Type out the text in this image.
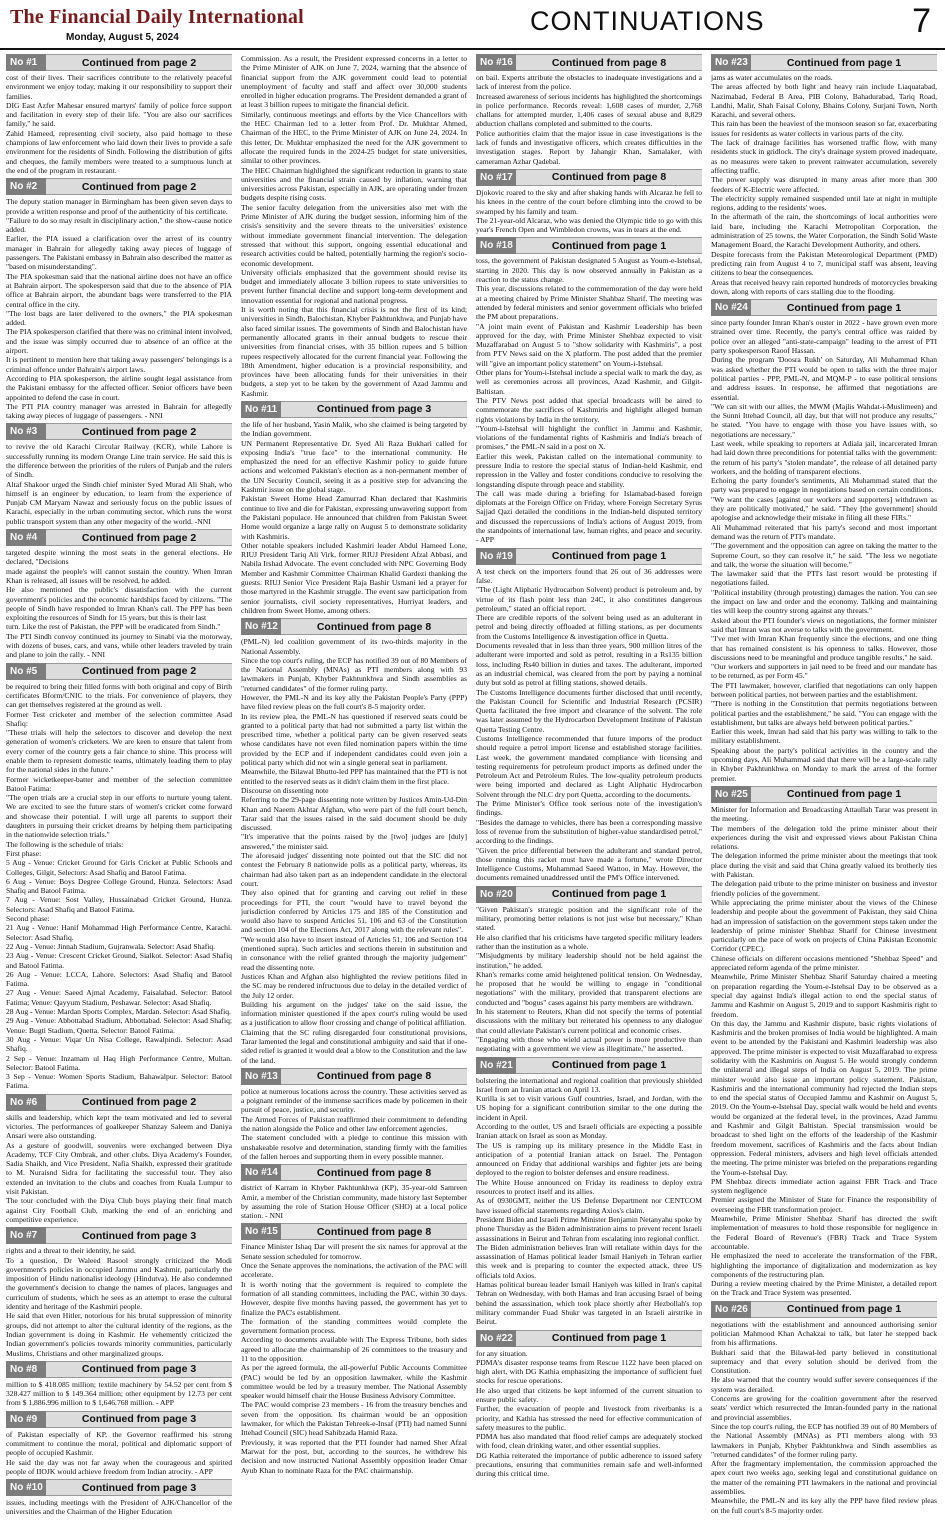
The Financial Daily International
Monday, August 5, 2024
CONTINUATIONS	7
No #1	Continued from page 2

cost of their lives. Their sacrifices contribute to the relatively peaceful environment we enjoy today, making it our responsibility to support their families.

DIG East Azfer Mahesar ensured martyrs' family of police force support and facilitation in every step of their life. "You are also our sacrifices family," he said.

Zahid Hameed, representing civil society, also paid homage to these champions of law enforcement who laid down their lives to provide a safe environment for the residents of Sindh. Following the distribution of gifts and cheques, the family members were treated to a sumptuous lunch at the end of the program in restaurant.

No #2	Continued from page 2

The deputy station manager in Birmingham has been given seven days to provide a written response and proof of the authenticity of his certificate.

"Failure to do so may result in disciplinary action," the show-cause notice added.

Earlier, the PIA issued a clarification over the arrest of its country manager in Bahrain for allegedly taking away pieces of luggage of passengers. The Pakistani embassy in Bahrain also described the matter as "based on misunderstanding".

The PIA spokesman said that the national airline does not have an office at Bahrain airport. The spokesperson said that due to the absence of PIA office at Bahrain airport, the abundant bags were transferred to the PIA central office in the city.

"The lost bags are later delivered to the owners," the PIA spokesman added.

The PIA spokesperson clarified that there was no criminal intent involved, and the issue was simply occurred due to absence of an office at the airport.

It is pertinent to mention here that taking away passengers' belongings is a criminal offence under Bahrain's airport laws.

According to PIA spokesperson, the airline sought legal assistance from the Pakistani embassy for the affected officer. Senior officers have been appointed to defend the case in court.

The PTI PIA country manager was arrested in Bahrain for allegedly taking away pieces of luggage of passengers. - NNI

No #3	Continued from page 2

to revive the old Karachi Circular Railway (KCR), while Lahore is successfully running its modern Orange Line train service. He said this is the difference between the priorities of the rulers of Punjab and the rulers of Sindh.

Altaf Shakoor urged the Sindh chief minister Syed Murad Ali Shah, who himself is an engineer by education, to learn from the experience of Punjab CM Maryam Nawaz and seriously focus on the public issues of Karachi, especially in the urban commuting sector, which runs the worst public transport system than any other megacity of the world. -NNI

No #4	Continued from page 2

targeted despite winning the most seats in the general elections. He declared, "Decisions

made against the people's will cannot sustain the country. When Imran Khan is released, all issues will be resolved, he added.

He also mentioned the public's dissatisfaction with the current government's policies and the economic hardships faced by citizens. "The people of Sindh have responded to Imran Khan's call. The PPP has been exploiting the resources of Sindh for 15 years, but this is their last

turn. Like the rest of Pakistan, the PPP will be eradicated from Sindh."

The PTI Sindh convoy continued its journey to Sinabi via the motorway, with dozens of buses, cars, and vans, while other leaders traveled by train and plane to join the rally. - NNI

No #5	Continued from page 2

be required to bring their filled forms with both original and copy of Birth certificates Bform/CNIC to the trials. For convenience of players, they can get themselves registered at the ground as well.

Former Test cricketer and member of the selection committee Asad Shafiq:

"These trials will help the selectors to discover and develop the next generation of women's cricketers. We are keen to ensure that talent from every corner of the country gets a fair chance to shine. This process will enable them to represent domestic teams, ultimately leading them to play for the national sides in the future."

Former wicketkeeper-batter and member of the selection committee Batool Fatima:

"The open trials are a crucial step in our efforts to nurture young talent. We are excited to see the future stars of women's cricket come forward and showcase their potential. I will urge all parents to support their daughters in pursuing their cricket dreams by helping them participating in the nationwide selection trials."

The following is the schedule of trials:

First phase:

5 Aug - Venue: Cricket Ground for Girls Cricket at Public Schools and Colleges, Gilgit, Selectors: Asad Shafiq and Batool Fatima.

6 Aug - Venue: Boys Degree College Ground, Hunza. Selectors: Asad Shafiq and Batool Fatima.

7 Aug - Venue: Sost Valley, Hussainabad Cricket Ground, Hunza. Selectors: Asad Shafiq and Batool Fatima.

Second phase:

21 Aug - Venue: Hanif Mohammad High Performance Centre, Karachi. Selector: Asad Shafiq.

22 Aug - Venue: Jinnah Stadium, Gujranwala. Selector: Asad Shafiq.

23 Aug - Venue: Crescent Cricket Ground, Sialkot. Selector: Asad Shafiq and Batool Fatima.

26 Aug - Venue: LCCA, Lahore. Selectors: Asad Shafiq and Batool Fatima.

27 Aug - Venue: Saeed Ajmal Academy, Faisalabad. Selector: Batool Fatima; Venue: Qayyum Stadium, Peshawar. Selector: Asad Shafiq.

28 Aug - Venue: Mardan Sports Complex, Mardan. Selector: Asad Shafiq.

29 Aug - Venue: Abbottabad Stadium, Abbottabad. Selector: Asad Shafiq; Venue: Bugti Stadium, Quetta. Selector: Batool Fatima.

30 Aug - Venue: Viqar Un Nisa College, Rawalpindi. Selector: Asad Shafiq.

2 Sep - Venue: Inzamam ul Haq High Performance Centre, Multan. Selector: Batool Fatima.

3 Sep - Venue: Women Sports Stadium, Bahawalpur. Selector: Batool Fatima.

No #6	Continued from page 2

skills and leadership, which kept the team motivated and led to several victories. The performances of goalkeeper Shanzay Saleem and Daniya Ansari were also outstanding.

As a gesture of goodwill, souvenirs were exchanged between Diya Academy, TCF City Ombrak, and other clubs. Diya Academy's Founder, Sadia Shaikh, and Vice President, Nafia Shaikh, expressed their gratitude to M. Nuraisnd Sidra for facilitating the successful tour. They also extended an invitation to the clubs and coaches from Kuala Lumpur to visit Pakistan.

The tour concluded with the Diya Club boys playing their final match against City Football Club, marking the end of an enriching and competitive experience.

No #7	Continued from page 3

rights and a threat to their identity, he said.

To a question, Dr Waleed Rasool strongly criticized the Modi government's policies in occupied Jammu and Kashmir, particularly the imposition of Hindu nationalist ideology (Hindutva). He also condemned the government's decision to change the names of places, languages and curriculum of students, which he sees as an attempt to erase the cultural identity and heritage of the Kashmiri people.

He said that even Hitler, notorious for his brutal suppression of minority groups, did not attempt to alter the cultural identity of the regions, as the Indian government is doing in Kashmir. He vehemently criticized the Indian government's policies towards minority communities, particularly Muslims, Christians and other marginalized groups.

No #8	Continued from page 3

million to $ 418.085 million; textile machinery by 54.52 per cent from $ 328.427 million to $ 149.364 million; other equipment by 12.73 per cent from $ 1,886.996 million to $ 1,646.768 million. - APP

No #9	Continued from page 3

of Pakistan especially of KP, the Governor reaffirmed his strong commitment to continue the moral, political and diplomatic support of people of occupied Kashmir.

He said the day was not far away when the courageous and spirited people of IIOJK would achieve freedom from Indian atrocity. - APP

No #10	Continued from page 3

issues, including meetings with the President of AJK/Chancellor of the universities and the Chairman of the Higher Education

Commission. As a result, the President expressed concerns in a letter to the Prime Minister of AJK on June 7, 2024, warning that the absence of financial support from the AJK government could lead to potential unemployment of faculty and staff and affect over 30,000 students enrolled in higher education programs. The President demanded a grant of at least 3 billion rupees to mitigate the financial deficit.

Similarly, continuous meetings and efforts by the Vice Chancellors with the HEC Chairman led to a letter from Prof. Dr. Mukhtar Ahmed, Chairman of the HEC, to the Prime Minister of AJK on June 24, 2024. In this letter, Dr. Mukhtar emphasized the need for the AJK government to allocate the required funds in the 2024-25 budget for state universities, similar to other provinces.

The HEC Chairman highlighted the significant reduction in grants to state universities and the financial strain caused by inflation, warning that universities across Pakistan, especially in AJK, are operating under frozen budgets despite rising costs.

The senior faculty delegation from the universities also met with the Prime Minister of AJK during the budget session, informing him of the crisis's sensitivity and the severe threats to the universities' existence without immediate government financial intervention. The delegation stressed that without this support, ongoing essential educational and research activities could be halted, potentially harming the region's socio-economic development.

University officials emphasized that the government should revise its budget and immediately allocate 3 billion rupees to state universities to prevent further financial decline and support long-term development and innovation essential for regional and national progress.

It is worth noting that this financial crisis is not the first of its kind; universities in Sindh, Balochistan, Khyber Pakhtunkhwa, and Punjab have also faced similar issues. The governments of Sindh and Balochistan have permanently allocated grants in their annual budgets to rescue their universities from financial crises, with 35 billion rupees and 5 billion rupees respectively allocated for the current financial year. Following the 18th Amendment, higher education is a provincial responsibility, and provinces have been allocating funds for their universities in their budgets, a step yet to be taken by the government of Azad Jammu and Kashmir.

No #11	Continued from page 3

the life of her husband, Yasin Malik, who she claimed is being targeted by the Indian government.

UN Permanent Representative Dr. Syed Ali Raza Bukhari called for exposing India's "true face" to the international community. He emphasized the need for an effective Kashmir policy to guide future actions and welcomed Pakistan's election as a non-permanent member of the UN Security Council, seeing it as a positive step for advancing the Kashmir issue on the global stage.

Pakistan Sweet Home Head Zamurrad Khan declared that Kashmiris continue to live and die for Pakistan, expressing unwavering support from the Pakistani populace. He announced that children from Pakistan Sweet Home would organize a large rally on August 5 to demonstrate solidarity with Kashmiris.

Other notable speakers included Kashmiri leader Abdul Hameed Lone, RIUJ President Tariq Ali Virk, former RIUJ President Afzal Abbasi, and Nabila Irshad Advocate. The event concluded with NPC Governing Body Member and Kashmir Committee Chairman Khalid Gardezi thanking the guests. RIUJ Senior Vice President Raja Bashir Usmani led a prayer for those martyred in the Kashmir struggle. The event saw participation from senior journalists, civil society representatives, Hurriyat leaders, and children from Sweet Home, among others.

No #12	Continued from page 8

(PML-N) led coalition government of its two-thirds majority in the National Assembly.

Since the top court's ruling, the ECP has notified 39 out of 80 Members of the National Assembly (MNAs) as PTI members along with 93 lawmakers in Punjab, Khyber Pakhtunkhwa and Sindh assemblies as "returned candidates" of the former ruling party.

However, the PML-N and its key ally the Pakistan People's Party (PPP) have filed review pleas on the full court's 8-5 majority order.

In its review plea, the PML-N has questioned if reserved seats could be granted to a political party that had not submitted a party list within the prescribed time, whether a political party can be given reserved seats whose candidates have not even filed nomination papers within the time provided by the ECP and if independent candidates could even join a political party which did not win a single general seat in parliament.

Meanwhile, the Bilawal Bhutto-led PPP has maintained that the PTI is not entitled to the reserved seats as it didn't claim them in the first place.

Discourse on dissenting note

Referring to the 29-page dissenting note written by Justices Amin-Ud-Din Khan and Naeem Akhtar Afghan, who were part of the full court bench, Tarar said that the issues raised in the said document should be duly discussed.

"It's imperative that the points raised by the [two] judges are [duly] answered," the minister said.

The aforesaid judges' dissenting note pointed out that the SIC did not contest the February 8 nationwide polls as a political party, whereas, its chairman had also taken part as an independent candidate in the electoral court.

They also opined that for granting and carving out relief in these proceedings for PTI, the court "would have to travel beyond the jurisdiction conferred by Articles 175 and 185 of the Constitution and would also have to suspend Articles 51, 106 and 63 of the Constitution and section 104 of the Elections Act, 2017 along with the relevant rules".

"We would also have to insert instead of Articles 51, 106 and Section 104 (mentioned supra). Such articles and sections therein in substitution and in consonance with the relief granted through the majority judgement" read the dissenting note.

Justices Khan and Afghan also highlighted the review petitions filed in the SC may be rendered infructuous due to delay in the detailed verdict of the July 12 order.

Building his argument on the judges' take on the said issue, the information minister questioned if the apex court's ruling would be used as a justification to allow floor crossing and change of political affiliation.

Claiming that the SC ruling disregarded four constitutional provisions, Tarar lamented the legal and constitutional ambiguity and said that if one-sided relief is granted it would deal a blow to the Constitution and the law of the land.

No #13	Continued from page 8

police at numerous locations across the country. These activities served as a poignant reminder of the immense sacrifices made by policemen in their pursuit of peace, justice, and security.

The Armed Forces of Pakistan reaffirmed their commitment to defending the nation alongside the Police and other law enforcement agencies.

The statement concluded with a pledge to continue this mission with unshakeable resolve and determination, standing firmly with the families of the fallen heroes and supporting them in every possible manner.

No #14	Continued from page 8

district of Karram in Khyber Pakhtunkhwa (KP), 35-year-old Samreen Amir, a member of the Christian community, made history last September by assuming the role of Station House Officer (SHO) at a local police station. - NNI

No #15	Continued from page 8

Finance Minister Ishaq Dar will present the six names for approval at the Senate session scheduled for tomorrow.

Once the Senate approves the nominations, the activation of the PAC will accelerate.

It is worth noting that the government is required to complete the formation of all standing committees, including the PAC, within 30 days. However, despite five months having passed, the government has yet to finalize the PAC's establishment.

The formation of the standing committees would complete the government formation process.

According to documents available with The Express Tribune, both sides agreed to allocate the chairmanship of 26 committees to the treasury and 11 to the opposition.

As per the agreed formula, the all-powerful Public Accounts Committee (PAC) would be led by an opposition lawmaker, while the Kashmir committee would be led by a treasury member. The National Assembly speaker would himself chair the House Business Advisory Committee.

The PAC would comprise 23 members - 16 from the treasury benches and seven from the opposition. Its chairman would be an opposition lawmaker, for which the Pakistan Tehreek-e-Insaf (PTI) had named Sunni Ittehad Council (SIC) head Sahibzada Hamid Raza.

Previously, it was reported that the PTI founder had named Sher Afzal Marwat for the post, but, according to the sources, he withdrew his decision and now instructed National Assembly opposition leader Omar Ayub Khan to nominate Raza for the PAC chairmanship.

No #16	Continued from page 8

on bail. Experts attribute the obstacles to inadequate investigations and a lack of interest from the police.

Increased awareness of serious incidents has highlighted the shortcomings in police performance. Records reveal: 1,608 cases of murder, 2,768 challans for attempted murder, 1,406 cases of sexual abuse and 8,829 abduction challans completed and submitted to the courts.

Police authorities claim that the major issue in case investigations is the lack of funds and investigative officers, which creates difficulties in the investigation stages. Report by Jahangir Khan, Samalaker, with cameraman Azhar Qadebal.

No #17	Continued from page 8

Djokovic roared to the sky and after shaking hands with Alcaraz he fell to his knees in the centre of the court before climbing into the crowd to be swamped by his family and team.

The 21-year-old Alcaraz, who was denied the Olympic title to go with this year's French Open and Wimbledon crowns, was in tears at the end.

No #18	Continued from page 1

toss, the government of Pakistan designated 5 August as Youm-e-Istehsal, starting in 2020. This day is now observed annually in Pakistan as a reaction to the status change.

This year, discussions related to the commemoration of the day were held at a meeting chaired by Prime Minister Shahbaz Sharif. The meeting was attended by federal ministers and senior government officials who briefed the PM about preparations.

"A joint main event of Pakistan and Kashmir Leadership has been approved for the day, with Prime Minister Shehbaz expected to visit Muzaffarabad on August 5 to "show solidarity with Kashmiris", a post from PTV News said on the X platform. The post added that the premier will "give an important policy statement" on Youm-i-Istehsal.

Other plans for Youm-i-Istehsal include a special walk to mark the day, as well as ceremonies across all provinces, Azad Kashmir, and Gilgit-Baltistan.

The PTV News post added that special broadcasts will be aired to commemorate the sacrifices of Kashmiris and highlight alleged human rights violations by India in the territory.

"Youm-i-Istehsal will highlight the conflict in Jammu and Kashmir, violations of the fundamental rights of Kashmiris and India's breach of promises," the PML-N said in a post on X.

Earlier this week, Pakistan called on the international community to pressure India to restore the special status of Indian-held Kashmir, end repression in the Valley and foster conditions conducive to resolving the longstanding dispute through peace and stability.

The call was made during a briefing for Islamabad-based foreign diplomats at the Foreign Office on Friday, where Foreign Secretary Syrus Sajjad Qazi detailed the conditions in the Indian-held disputed territory and discussed the repercussions of India's actions of August 2019, from the standpoints of international law, human rights, and peace and security. - APP

No #19	Continued from page 1

A test check on the importers found that 26 out of 36 addresses were false.

"The (Light Aliphatic Hydrocarbon Solvent) product is petroleum and, by virtue of its flash point less than 24C, it also constitutes dangerous petroleum," stated an official report.

There are credible reports of the solvent being used as an adulterant in petrol and being directly offloaded at filling stations, as per documents from the Customs Intelligence & investigation office in Quetta.

Documents revealed that in less than three years, 900 million litres of the adulterant were imported and sold as petrol, resulting in a Rs135 billion loss, including Rs40 billion in duties and taxes. The adulterant, imported as an industrial chemical, was cleared from the port by paying a nominal duty but sold as petrol at filling stations, showed details.

The Customs Intelligence documents further disclosed that until recently, the Pakistan Council for Scientific and Industrial Research (PCSIR) Quetta facilitated the free import and clearance of the solvent. The role was later assumed by the Hydrocarbon Development Institute of Pakistan Quetta Testing Centre.

Customs Intelligence recommended that future imports of the product should require a petrol import license and established storage facilities. Last week, the government mandated compliance with licensing and testing requirements for petroleum product imports as defined under the Petroleum Act and Petroleum Rules. The low-quality petroleum products were being imported and declared as Light Aliphatic Hydrocarbon Solvent through the NLC dry port Quetta, according to the documents.

The Prime Minister's Office took serious note of the investigation's findings.

"Besides the damage to vehicles, there has been a corresponding massive loss of revenue from the substitution of higher-value standardised petrol," according to the findings.

"Given the price differential between the adulterant and standard petrol, those running this racket must have made a fortune," wrote Director Intelligence Customs, Muhammad Saeed Wattoo, in May. However, the documents remained unaddressed until the PM's Office intervened.

No #20	Continued from page 1

"Given Pakistan's strategic position and the significant role of the military, promoting better relations is not just wise but necessary," Khan stated.

He also clarified that his criticisms have targeted specific military leaders rather than the institution as a whole.

"Misjudgments by military leadership should not be held against the institution," he added.

Khan's remarks come amid heightened political tension. On Wednesday, he proposed that he would be willing to engage in "conditional negotiations" with the military, provided that transparent elections are conducted and "bogus" cases against his party members are withdrawn.

In his statement to Reuters, Khan did not specify the terms of potential discussions with the military but reiterated his openness to any dialogue that could alleviate Pakistan's current political and economic crises.

"Engaging with those who wield actual power is more productive than negotiating with a government we view as illegitimate," he asserted.

No #21	Continued from page 1

bolstering the international and regional coalition that previously shielded Israel from an Iranian attack on April 13.

Kurilla is set to visit various Gulf countries, Israel, and Jordan, with the US hoping for a significant contribution similar to the one during the incident in April.

According to the outlet, US and Israeli officials are expecting a possible Iranian attack on Israel as soon as Monday.

The US is ramping up its military presence in the Middle East in anticipation of a potential Iranian attack on Israel. The Pentagon announced on Friday that additional warships and fighter jets are being deployed to the region to bolster defenses and ensure readiness.

The White House announced on Friday its readiness to deploy extra resources to protect itself and its allies.

As of 0930GMT, neither the US Defense Department nor CENTCOM have issued official statements regarding Axios's claim.

President Biden and Israeli Prime Minister Benjamin Netanyahu spoke by phone Thursday as the Biden administration aims to prevent recent Israeli assassinations in Beirut and Tehran from escalating into regional conflict.

The Biden administration believes Iran will retaliate within days for the assassination of Hamas political leader Ismail Haniyeh in Tehran earlier this week and is preparing to counter the expected attack, three US officials told Axios.

Hamas political bureau leader Ismail Haniyeh was killed in Iran's capital Tehran on Wednesday, with both Hamas and Iran accusing Israel of being behind the assassination, which took place shortly after Hezbollah's top military commander Fuad Shukr was targeted in an Israeli airstrike in Beirut.

No #22	Continued from page 1

for any situation.

PDMA's disaster response teams from Rescue 1122 have been placed on high alert, with DG Kathia emphasizing the importance of sufficient fuel stocks for rescue operations.

He also urged that citizens be kept informed of the current situation to ensure public safety.

Further, the evacuation of people and livestock from riverbanks is a priority, and Kathia has stressed the need for effective communication of safety measures to the public.

PDMA has also mandated that flood relief camps are adequately stocked with food, clean drinking water, and other essential supplies.

DG Kathia reiterated the importance of public adherence to issued safety precautions, ensuring that communities remain safe and well-informed during this critical time.

No #23	Continued from page 1

jams as water accumulates on the roads.

The areas affected by both light and heavy rain include Liaquatabad, Nazimabad, Federal B Area, PIB Colony, Bahadurabad, Tariq Road, Landhi, Malir, Shah Faisal Colony, Bhains Colony, Surjani Town, North Karachi, and several others.

This rain has been the heaviest of the monsoon season so far, exacerbating issues for residents as water collects in various parts of the city.

The lack of drainage facilities has worsened traffic flow, with many residents stuck in gridlock. The city's drainage system proved inadequate, as no measures were taken to prevent rainwater accumulation, severely affecting traffic.

The power supply was disrupted in many areas after more than 300 feeders of K-Electric were affected.

The electricity supply remained suspended until late at night in multiple regions, adding to the residents' woes.

In the aftermath of the rain, the shortcomings of local authorities were laid bare, including the Karachi Metropolitan Corporation, the administration of 25 towns, the Water Corporation, the Sindh Solid Waste Management Board, the Karachi Development Authority, and others.

Despite forecasts from the Pakistan Meteorological Department (PMD) predicting rain from August 4 to 7, municipal staff was absent, leaving citizens to bear the consequences.

Areas that received heavy rain reported hundreds of motorcycles breaking down, along with reports of cars stalling due to the flooding.

No #24	Continued from page 1

since party founder Imran Khan's ouster in 2022 - have grown even more strained over time. Recently, the party's central office was raided by police over an alleged "anti-state-campaign" leading to the arrest of PTI party spokesperson Raoof Hassan.

During the program 'Doosra Rukh' on Saturday, Ali Muhammad Khan was asked whether the PTI would be open to talks with the three major political parties - PPP, PML-N, and MQM-P - to ease political tensions and address issues. In response, he affirmed that negotiations are essential.

"We can sit with our allies, the MWM (Majlis Wahdat-i-Muslimeen) and the Sunni Ittehad Council, all day, but that will not produce any results," he stated. "You have to engage with those you have issues with, so negotiations are necessary."

Last week, while speaking to reporters at Adiala jail, incarcerated Imran had laid down three preconditions for potential talks with the government: the return of his party's "stolen mandate", the release of all detained party workers, and the holding of transparent elections.

Echoing the party founder's sentiments, Ali Muhammad stated that the party was prepared to engage in negotiations based on certain conditions.

"We want the cases [against our workers and supporters] withdrawn as they are politically motivated," he said. "They [the government] should apologise and acknowledge their mistake in filing all these FIRs."

Ali Muhammad reiterated that his party's second and most important demand was the return of PTI's mandate.

"The government and the opposition can agree on taking the matter to the Supreme Court, so they can resolve it," he said. "The less we negotiate and talk, the worse the situation will become."

The lawmaker said that the PTI's last resort would be protesting if negotiations failed.

"Political instability (through protesting) damages the nation. You can see the impact on law and order and the economy. Talking and maintaining ties will keep the country strong against any threats."

Asked about the PTI founder's views on negotiations, the former minister said that Imran was not averse to talks with the government.

"I've met with Imran Khan frequently since the elections, and one thing that has remained consistent is his openness to talks. However, those discussions need to be meaningful and produce tangible results," he said.

"Our workers and supporters in jail need to be freed and our mandate has to be returned, as per Form 45."

The PTI lawmaker, however, clarified that negotiations can only happen between political parties, not between parties and the establishment.

"There is nothing in the Constitution that permits negotiations between political parties and the establishment," he said. "You can engage with the establishment, but talks are always held between political parties."

Earlier this week, Imran had said that his party was willing to talk to the military establishment.

Speaking about the party's political activities in the country and the upcoming days, Ali Muhammad said that there will be a large-scale rally in Khyber Pakhtunkhwa on Monday to mark the arrest of the former premier.

No #25	Continued from page 1

Minister for Information and Broadcasting Attaullah Tarar was present in the meeting.

The members of the delegation told the prime minister about their experiences during the visit and expressed views about Pakistan China relations.

The delegation informed the prime minister about the meetings that took place during the visit and said that China greatly valued its brotherly ties with Pakistan.

The delegation paid tribute to the prime minister on business and investor friendly policies of the government.

While appreciating the prime minister about the views of the Chinese leadership and people about the government of Pakistan, they said China had an impression of satisfaction on the government steps taken under the leadership of prime minister Shehbaz Sharif for Chinese investment particularly on the pace of work on projects of China Pakistan Economic Corridor (CPEC).

Chinese officials on different occasions mentioned "Shehbaz Speed" and appreciated reform agenda of the prime minister.

Meanwhile, Prime Minister Shehbaz Sharif Saturday chaired a meeting on preparation regarding the Youm-e-Istehsal Day to be observed as a special day against India's illegal action to end the special status of Jammu and Kashmir on August 5, 2019 and to support Kashmiris right to freedom.

On this day, the Jammu and Kashmir dispute, basic rights violations of Kashmiris and the broken promises of India would be highlighted. A main event to be attended by the Pakistani and Kashmiri leadership was also approved. The prime minister is expected to visit Muzaffarabad to express solidarity with the Kashmiris on August 5. He would strongly condemn the unilateral and illegal steps of India on August 5, 2019. The prime minister would also issue an important policy statement. Pakistan, Kashmiris and the international community had rejected the Indian steps to end the special status of Occupied Jammu and Kashmir on August 5, 2019. On the Youm-e-Istehsal Day, special walk would be held and events would be organized at the federal level, in the provinces, Azad Jammu and Kashmir and Gilgit Baltistan. Special transmission would be broadcast to shed light on the efforts of the leadership of the Kashmir freedom movement, sacrifices of Kashmiris and the facts about Indian oppression. Federal ministers, advisers and high level officials attended the meeting. The prime minister was briefed on the preparations regarding the Youm-e-Istehsal Day.

PM Shehbaz directs immediate action against FBR Track and Trace system negligence

Premier assigned the Minister of State for Finance the responsibility of overseeing the FBR transformation project.

Meanwhile, Prime Minister Shehbaz Sharif has directed the swift implementation of measures to hold those responsible for negligence in the Federal Board of Revenue's (FBR) Track and Trace System accountable.

He emphasized the need to accelerate the transformation of the FBR, highlighting the importance of digitalization and modernization as key components of the restructuring plan.

During a review meeting chaired by the Prime Minister, a detailed report on the Track and Trace System was presented.

No #26	Continued from page 1

negotiations with the establishment and announced authorising senior politician Mahmood Khan Achakzai to talk, but later he stepped back from his affirmations.

Bukhari said that the Bilawal-led party believed in constitutional supremacy and that every solution should be derived from the Constitution.

He also warned that the country would suffer severe consequences if the system was derailed.

Concerns are growing for the coalition government after the reserved seats' verdict which resurrected the Imran-founded party in the national and provincial assemblies.

Since the top court's ruling, the ECP has notified 39 out of 80 Members of the National Assembly (MNAs) as PTI members along with 93 lawmakers in Punjab, Khyber Pakhtunkhwa and Sindh assemblies as "returned candidates" of the former ruling party.

After the fragmentary implementation, the commission approached the apex court two weeks ago, seeking legal and constitutional guidance on the matter of the remaining PTI lawmakers in the national and provincial assemblies.

Meanwhile, the PML-N and its key ally the PPP have filed review pleas on the full court's 8-5 majority order.
